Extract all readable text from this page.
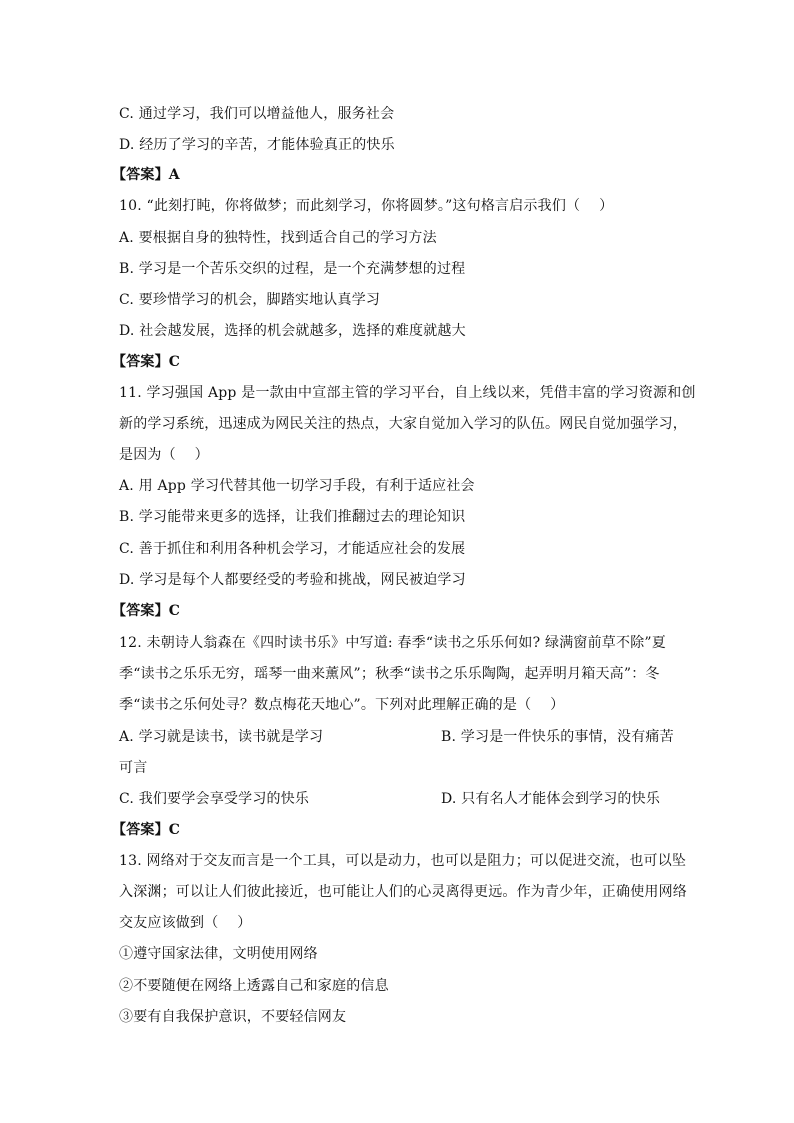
C. 通过学习，我们可以增益他人，服务社会
D. 经历了学习的辛苦，才能体验真正的快乐
【答案】A
10. “此刻打盹，你将做梦；而此刻学习，你将圆梦。”这句格言启示我们（　 ）
A. 要根据自身的独特性，找到适合自己的学习方法
B. 学习是一个苦乐交织的过程，是一个充满梦想的过程
C. 要珍惜学习的机会，脚踏实地认真学习
D. 社会越发展，选择的机会就越多，选择的难度就越大
【答案】C
11. 学习强国 App 是一款由中宣部主管的学习平台，自上线以来，凭借丰富的学习资源和创
新的学习系统，迅速成为网民关注的热点，大家自觉加入学习的队伍。网民自觉加强学习，
是因为（　 ）
A. 用 App 学习代替其他一切学习手段，有利于适应社会
B. 学习能带来更多的选择，让我们推翻过去的理论知识
C. 善于抓住和利用各种机会学习，才能适应社会的发展
D. 学习是每个人都要经受的考验和挑战，网民被迫学习
【答案】C
12. 未朝诗人翁森在《四时读书乐》中写道: 春季“读书之乐乐何如? 绿满窗前草不除”夏
季“读书之乐乐无穷，瑶琴一曲来薰风”；秋季“读书之乐乐陶陶，起弄明月箱天高”：冬
季“读书之乐何处寻？数点梅花天地心”。下列对此理解正确的是（　 ）
A. 学习就是读书，读书就是学习	B. 学习是一件快乐的事情，没有痛苦
可言
C. 我们要学会享受学习的快乐	D. 只有名人才能体会到学习的快乐
【答案】C
13. 网络对于交友而言是一个工具，可以是动力，也可以是阻力；可以促进交流，也可以坠
入深渊；可以让人们彼此接近，也可能让人们的心灵离得更远。作为青少年，正确使用网络
交友应该做到（　 ）
①遵守国家法律，文明使用网络
②不要随便在网络上透露自己和家庭的信息
③要有自我保护意识，不要轻信网友
